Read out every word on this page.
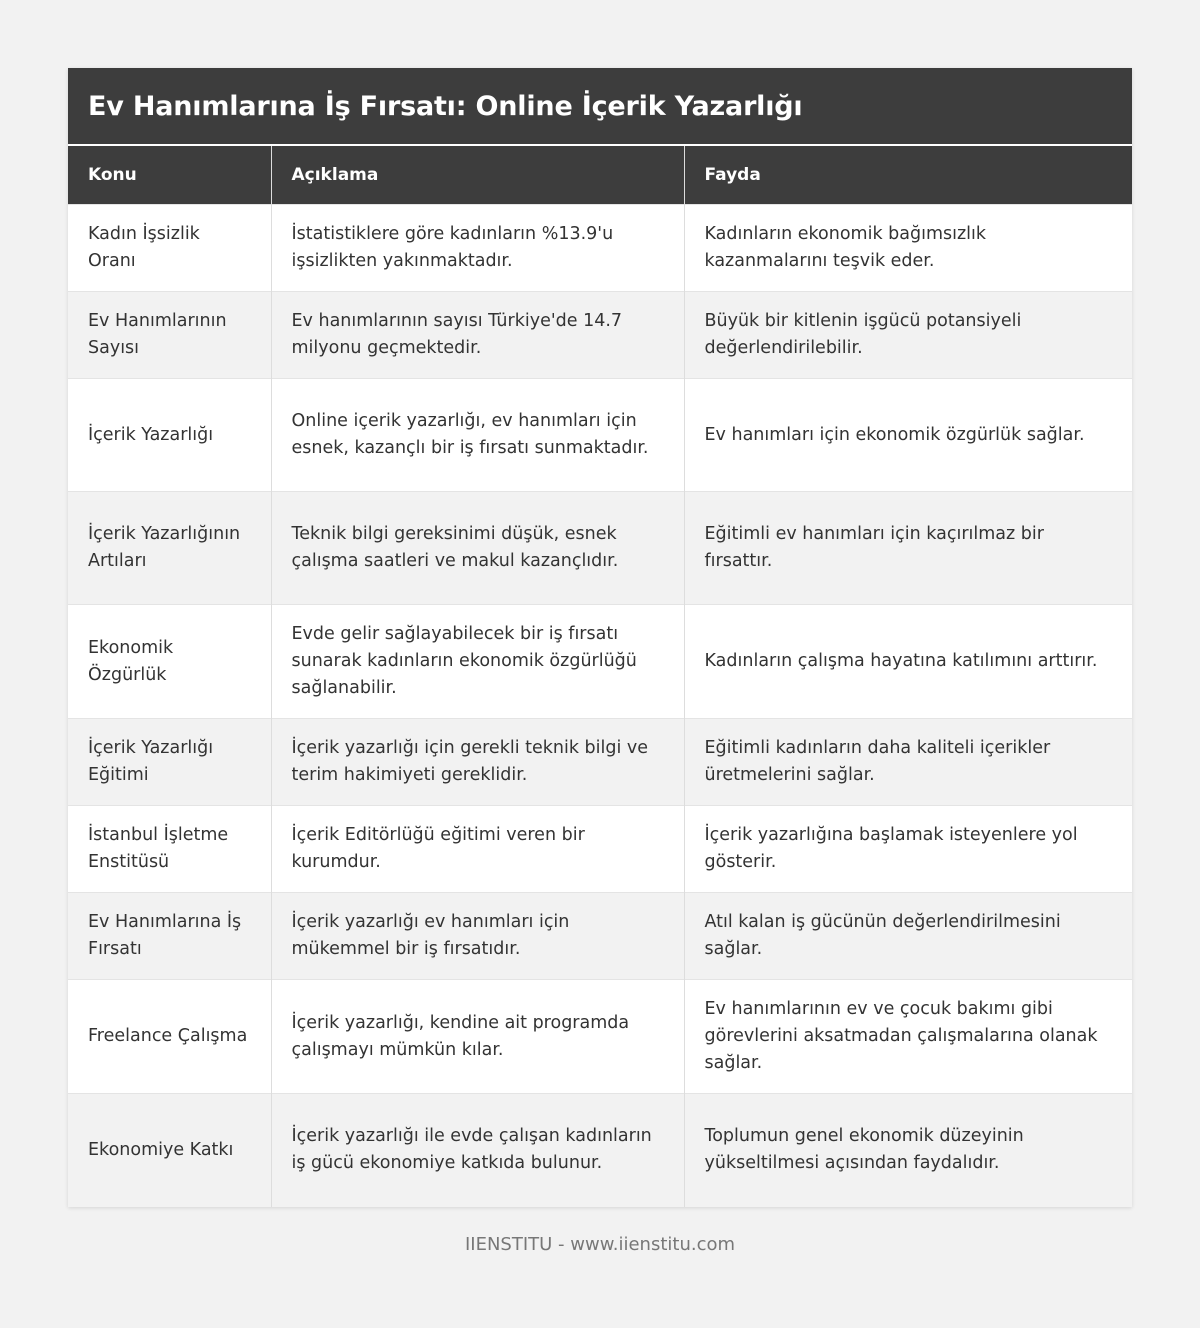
Ev Hanımlarına İş Fırsatı: Online İçerik Yazarlığı
Konu	Açıklama	Fayda
Kadın İşsizlik Oranı	İstatistiklere göre kadınların %13.9'u işsizlikten yakınmaktadır.	Kadınların ekonomik bağımsızlık kazanmalarını teşvik eder.
Ev Hanımlarının Sayısı	Ev hanımlarının sayısı Türkiye'de 14.7 milyonu geçmektedir.	Büyük bir kitlenin işgücü potansiyeli değerlendirilebilir.
İçerik Yazarlığı	Online içerik yazarlığı, ev hanımları için esnek, kazançlı bir iş fırsatı sunmaktadır.	Ev hanımları için ekonomik özgürlük sağlar.
İçerik Yazarlığının Artıları	Teknik bilgi gereksinimi düşük, esnek çalışma saatleri ve makul kazançlıdır.	Eğitimli ev hanımları için kaçırılmaz bir fırsattır.
Ekonomik Özgürlük	Evde gelir sağlayabilecek bir iş fırsatı sunarak kadınların ekonomik özgürlüğü sağlanabilir.	Kadınların çalışma hayatına katılımını arttırır.
İçerik Yazarlığı Eğitimi	İçerik yazarlığı için gerekli teknik bilgi ve terim hakimiyeti gereklidir.	Eğitimli kadınların daha kaliteli içerikler üretmelerini sağlar.
İstanbul İşletme Enstitüsü	İçerik Editörlüğü eğitimi veren bir kurumdur.	İçerik yazarlığına başlamak isteyenlere yol gösterir.
Ev Hanımlarına İş Fırsatı	İçerik yazarlığı ev hanımları için mükemmel bir iş fırsatıdır.	Atıl kalan iş gücünün değerlendirilmesini sağlar.
Freelance Çalışma	İçerik yazarlığı, kendine ait programda çalışmayı mümkün kılar.	Ev hanımlarının ev ve çocuk bakımı gibi görevlerini aksatmadan çalışmalarına olanak sağlar.
Ekonomiye Katkı	İçerik yazarlığı ile evde çalışan kadınların iş gücü ekonomiye katkıda bulunur.	Toplumun genel ekonomik düzeyinin yükseltilmesi açısından faydalıdır.
IIENSTITU - www.iienstitu.com
